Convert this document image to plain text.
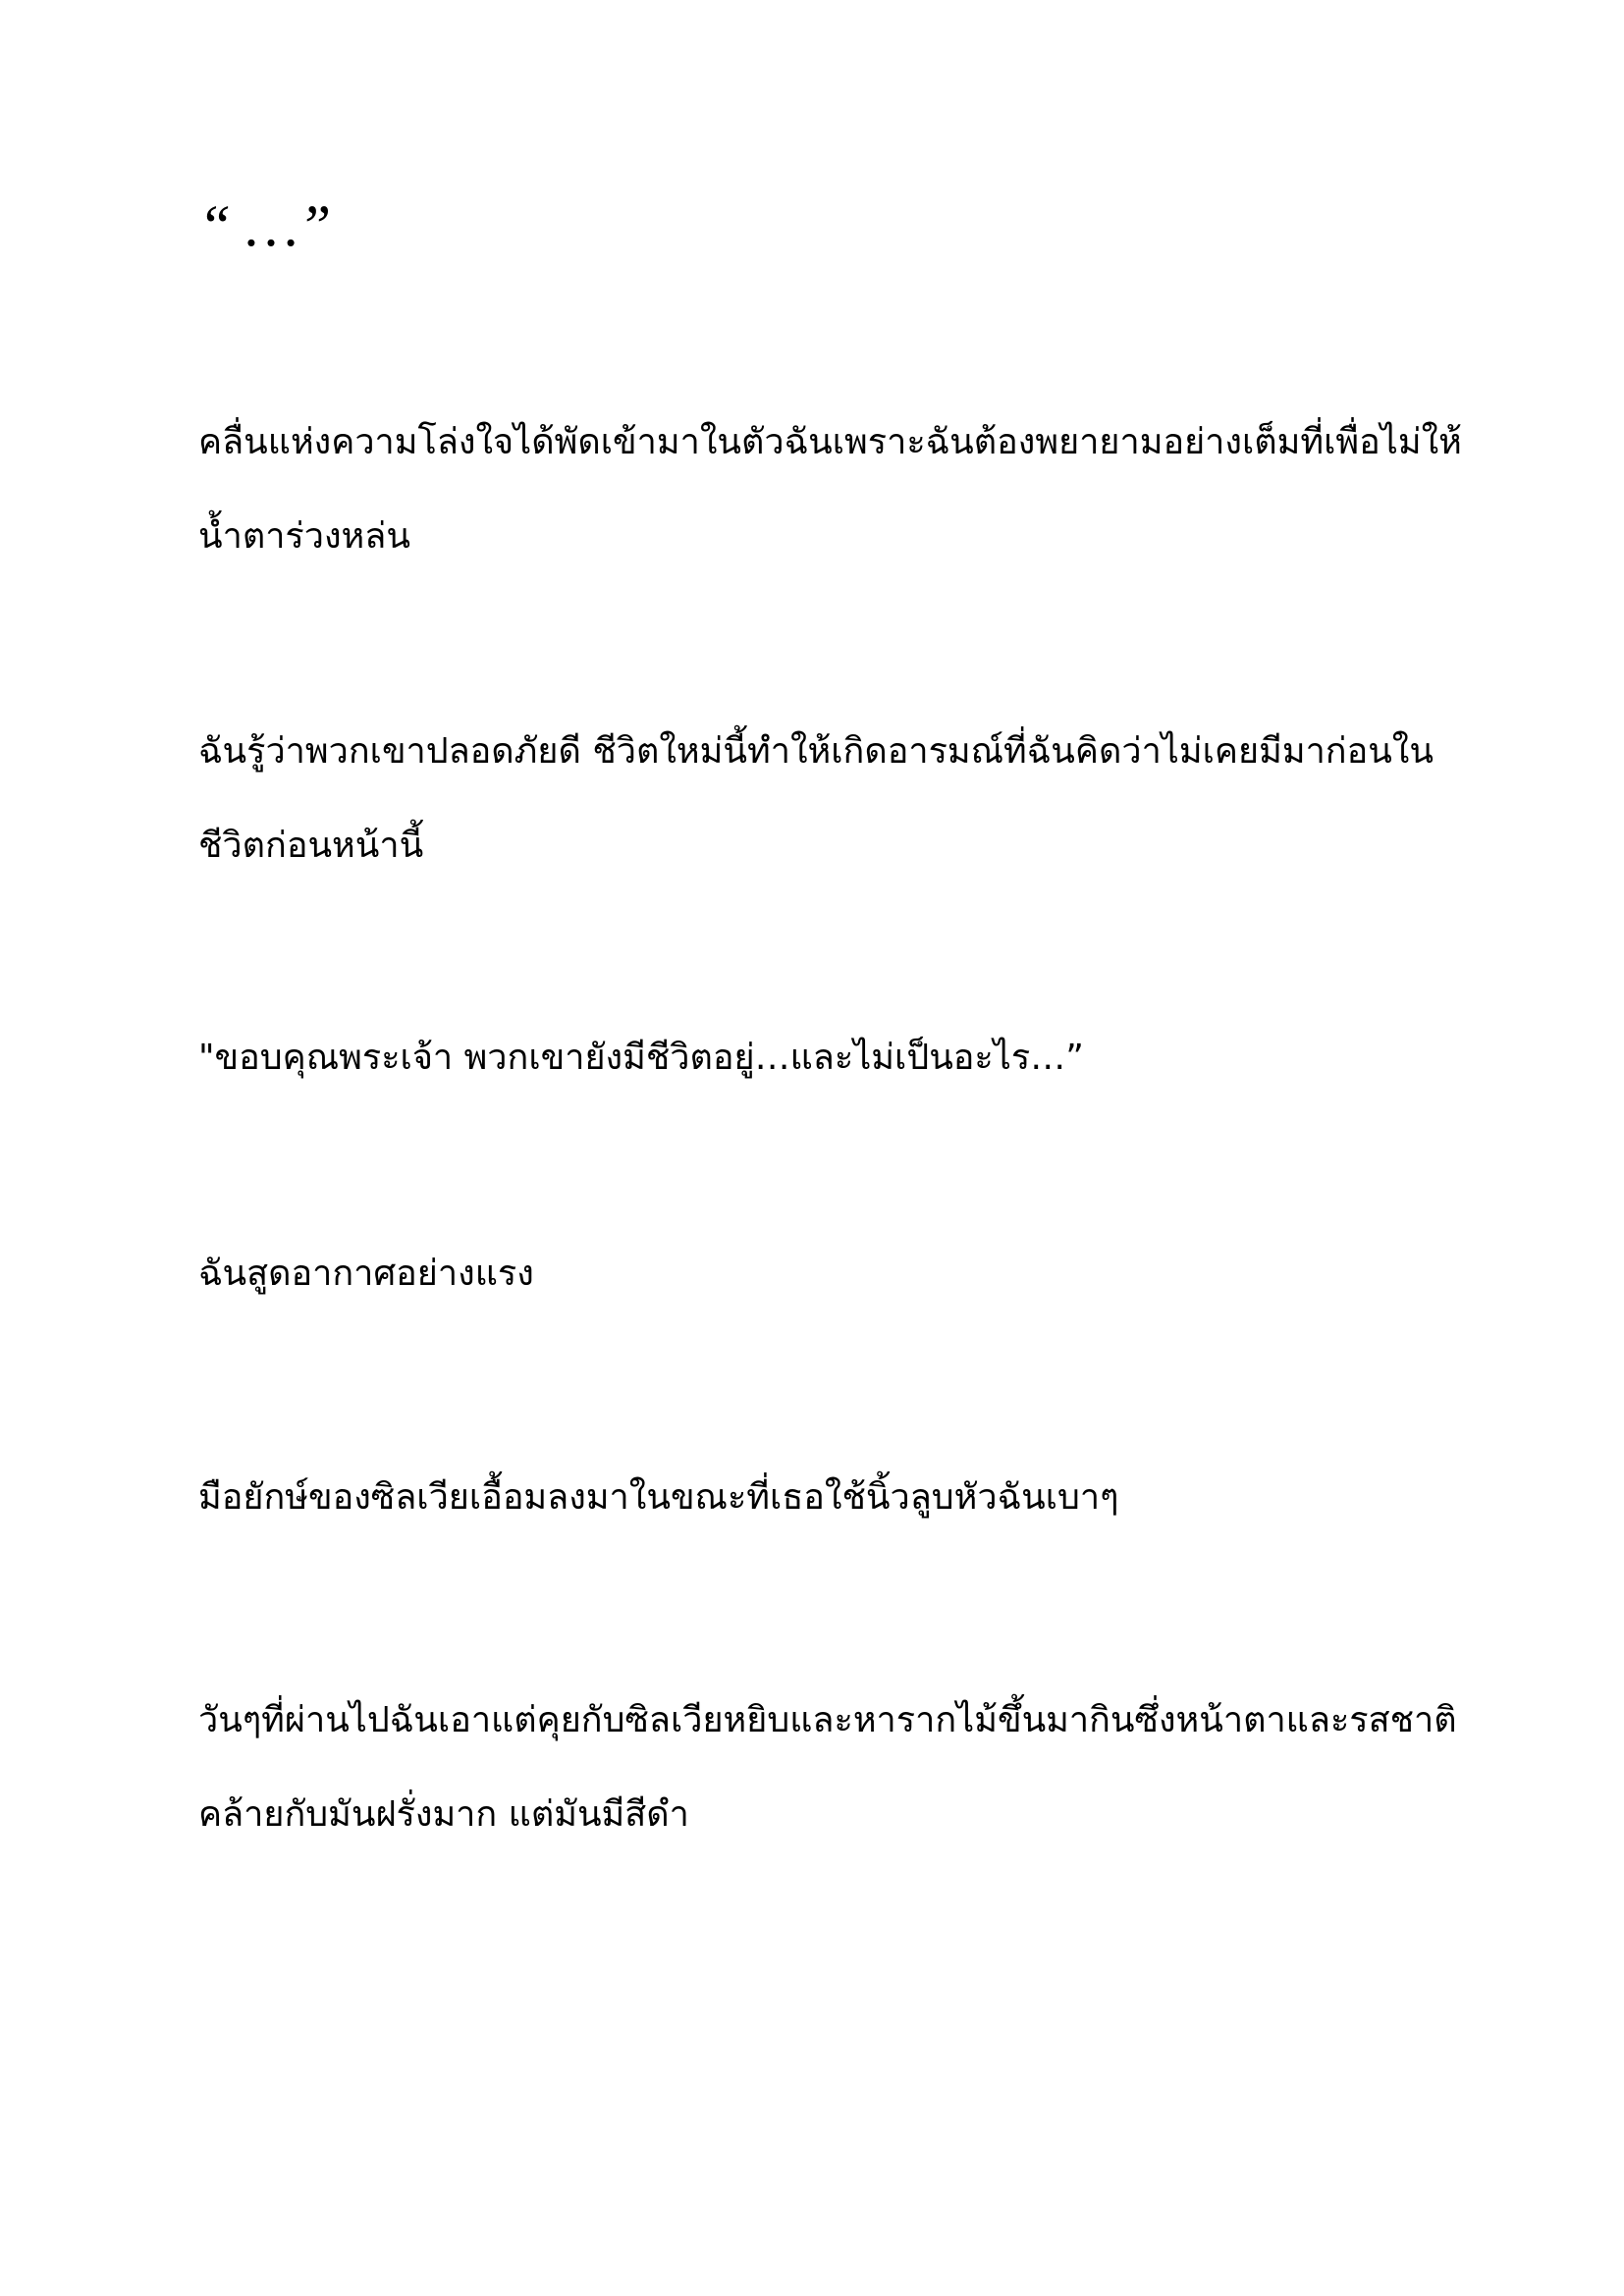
“ …”

คลื่นแห่งความโล่งใจได้พัดเข้ามาในตัวฉันเพราะฉันต้องพยายามอย่างเต็มที่เพื่อไม่ให้
น้ำตาร่วงหล่น

ฉันรู้ว่าพวกเขาปลอดภัยดี ชีวิตใหม่นี้ทำให้เกิดอารมณ์ที่ฉันคิดว่าไม่เคยมีมาก่อนใน
ชีวิตก่อนหน้านี้

"ขอบคุณพระเจ้า พวกเขายังมีชีวิตอยู่…และไม่เป็นอะไร…”

ฉันสูดอากาศอย่างแรง

มือยักษ์ของซิลเวียเอื้อมลงมาในขณะที่เธอใช้นิ้วลูบหัวฉันเบาๆ

วันๆที่ผ่านไปฉันเอาแต่คุยกับซิลเวียหยิบและหารากไม้ขึ้นมากินซึ่งหน้าตาและรสชาติ
คล้ายกับมันฝรั่งมาก แต่มันมีสีดำ
